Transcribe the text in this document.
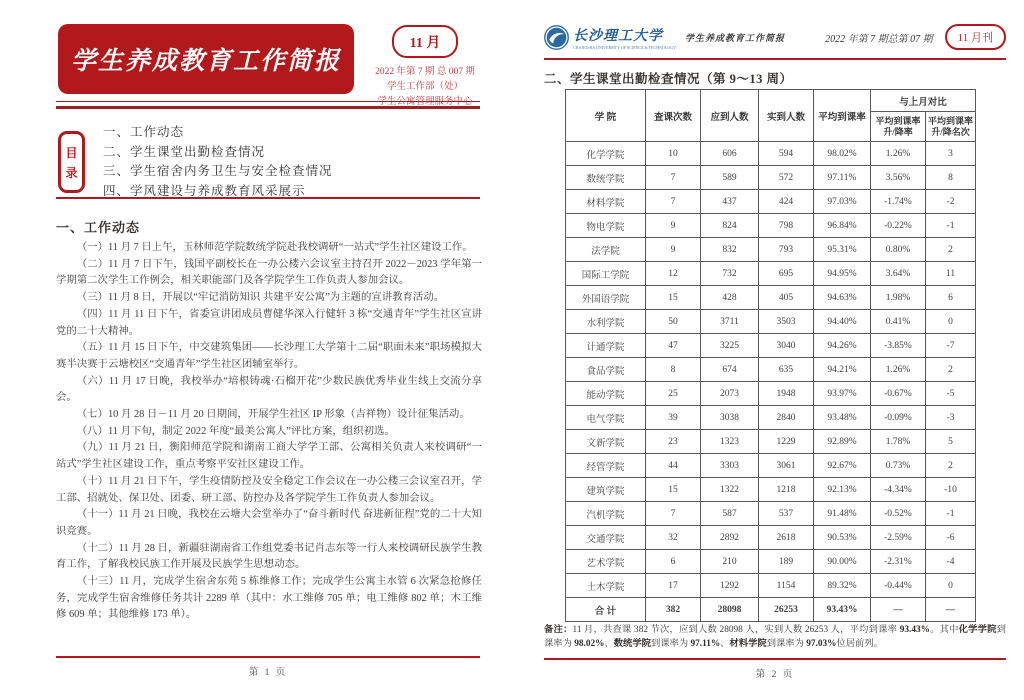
学生养成教育工作简报
11 月
2022 年第 7 期 总 007 期
学生工作部（处）
学生公寓管理服务中心
目
录
一、工作动态
二、学生课堂出勤检查情况
三、学生宿舍内务卫生与安全检查情况
四、学风建设与养成教育风采展示
一、工作动态

（一）11 月 7 日上午，玉林师范学院数统学院赴我校调研“一站式”学生社区建设工作。

（二）11 月 7 日下午，钱国平副校长在一办公楼六会议室主持召开 2022－2023 学年第一学期第二次学生工作例会，相关职能部门及各学院学生工作负责人参加会议。

（三）11 月 8 日，开展以“牢记消防知识 共建平安公寓”为主题的宣讲教育活动。

（四）11 月 11 日下午，省委宣讲团成员曹健华深入行健轩 3 栋“交通青年”学生社区宣讲党的二十大精神。

（五）11 月 15 日下午，中交建筑集团——长沙理工大学第十二届“职面未来”职场模拟大赛半决赛于云塘校区“交通青年”学生社区团辅室举行。

（六）11 月 17 日晚，我校举办“培根铸魂·石榴开花”少数民族优秀毕业生线上交流分享会。

（七）10 月 28 日－11 月 20 日期间，开展学生社区 IP 形象（吉祥物）设计征集活动。

（八）11 月下旬，制定 2022 年度“最美公寓人”评比方案，组织初选。

（九）11 月 21 日，衡阳师范学院和湖南工商大学学工部、公寓相关负责人来校调研“一站式”学生社区建设工作，重点考察平安社区建设工作。

（十）11 月 21 日下午，学生疫情防控及安全稳定工作会议在一办公楼三会议室召开，学工部、招就处、保卫处、团委、研工部、防控办及各学院学生工作负责人参加会议。

（十一）11 月 21 日晚，我校在云塘大会堂举办了“奋斗新时代 奋进新征程”党的二十大知识竞赛。

（十二）11 月 28 日，新疆驻湖南省工作组党委书记肖志东等一行人来校调研民族学生教育工作，了解我校民族工作开展及民族学生思想动态。

（十三）11 月，完成学生宿舍东苑 5 栋维修工作；完成学生公寓主水管 6 次紧急抢修任务，完成学生宿舍维修任务共计 2289 单（其中：水工维修 705 单；电工维修 802 单；木工维修 609 单；其他维修 173 单）。

第 1 页
长沙理工大学
CHANGSHA UNIVERSITY OF SCIENCE & TECHNOLOGY
学生养成教育工作简报	2022 年第 7 期总第 07 期	11 月刊
二、学生课堂出勤检查情况（第 9～13 周）
学 院	查课次数	应到人数	实到人数	平均到课率	与上月对比	

平均到课率
升/降率

平均到课率
升/降名次

化学学院	10	606	594	98.02%	1.26%	3
数统学院	7	589	572	97.11%	3.56%	8
材料学院	7	437	424	97.03%	-1.74%	-2
物电学院	9	824	798	96.84%	-0.22%	-1
法学院	9	832	793	95.31%	0.80%	2
国际工学院	12	732	695	94.95%	3.64%	11
外国语学院	15	428	405	94.63%	1.98%	6
水利学院	50	3711	3503	94.40%	0.41%	0
计通学院	47	3225	3040	94.26%	-3.85%	-7
食品学院	8	674	635	94.21%	1.26%	2
能动学院	25	2073	1948	93.97%	-0.67%	-5
电气学院	39	3038	2840	93.48%	-0.09%	-3
文新学院	23	1323	1229	92.89%	1.78%	5
经管学院	44	3303	3061	92.67%	0.73%	2
建筑学院	15	1322	1218	92.13%	-4.34%	-10
汽机学院	7	587	537	91.48%	-0.52%	-1
交通学院	32	2892	2618	90.53%	-2.59%	-6
艺术学院	6	210	189	90.00%	-2.31%	-4
土木学院	17	1292	1154	89.32%	-0.44%	0
合 计	382	28098	26253	93.43%	—	—

备注：11 月，共查课 382 节次，应到人数 28098 人，实到人数 26253 人，平均到课率 93.43%。其中化学学院到课率为 98.02%、数统学院到课率为 97.11%、材料学院到课率为 97.03%位居前列。

第 2 页
